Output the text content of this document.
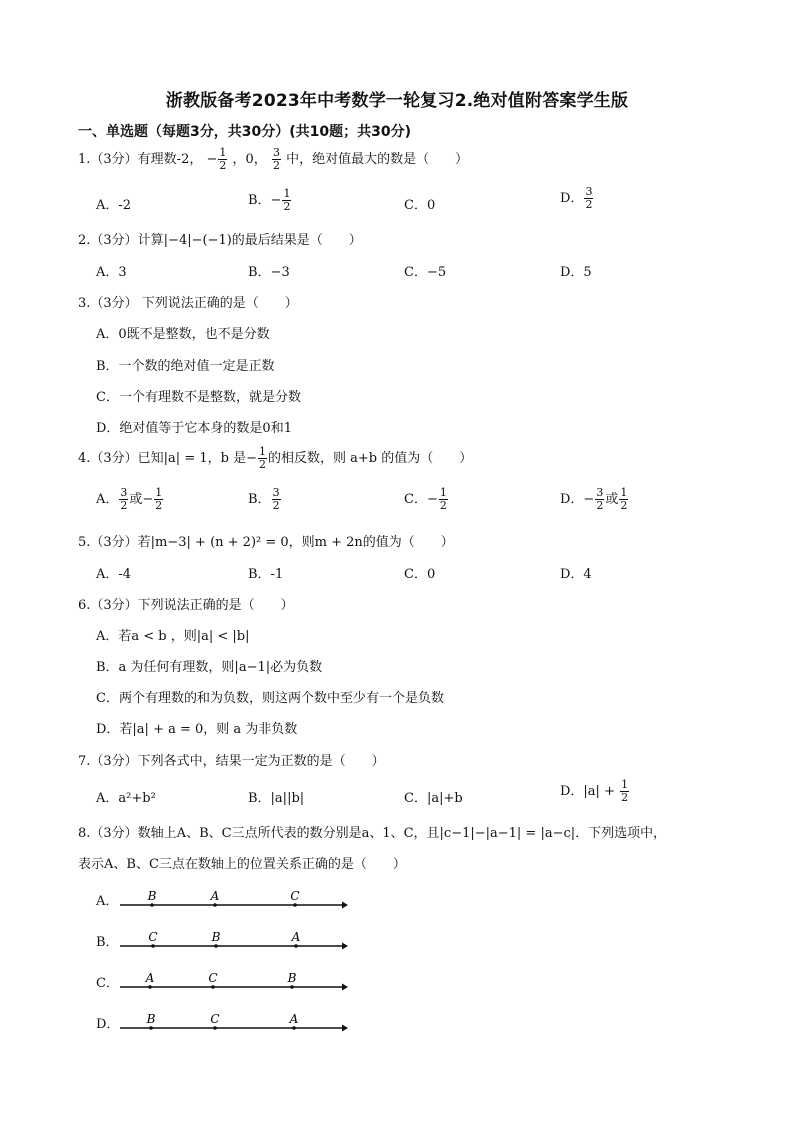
浙教版备考2023年中考数学一轮复习2.绝对值附答案学生版
一、单选题（每题3分，共30分）(共10题；共30分)
1.（3分）有理数-2， − $\frac{1}{2}$ ，0， $\frac{3}{2}$ 中，绝对值最大的数是（　　）
A．-2	B．− $\frac{1}{2}$	C．0	D． $\frac{3}{2}$
2.（3分）计算|−4|−(−1)的最后结果是（　　）
A．3	B．−3	C．−5	D．5
3.（3分） 下列说法正确的是（　　）
A．0既不是整数，也不是分数
B．一个数的绝对值一定是正数
C．一个有理数不是整数，就是分数
D．绝对值等于它本身的数是0和1
4.（3分）已知|a| = 1，b 是− $\frac{1}{2}$ 的相反数，则 a+b 的值为（　　）
A． $\frac{3}{2}$ 或− $\frac{1}{2}$	B． $\frac{3}{2}$	C．− $\frac{1}{2}$	D．− $\frac{3}{2}$ 或 $\frac{1}{2}$
5.（3分）若|m−3| + (n + 2)² = 0，则m + 2n的值为（　　）
A．-4	B．-1	C．0	D．4
6.（3分）下列说法正确的是（　　）
A．若a < b ，则|a| < |b|
B．a 为任何有理数，则|a−1|必为负数
C．两个有理数的和为负数，则这两个数中至少有一个是负数
D．若|a| + a = 0，则 a 为非负数
7.（3分）下列各式中，结果一定为正数的是（　　）
A．a²+b²	B．|a||b|	C．|a|+b	D．$|a| + \frac{1}{2}$
8.（3分）数轴上A、B、C三点所代表的数分别是a、1、C，且|c−1|−|a−1| = |a−c|．下列选项中，
表示A、B、C三点在数轴上的位置关系正确的是（　　）
A． B	A	C
B． C	B	A
C． A	C	B
D． B	C	A
